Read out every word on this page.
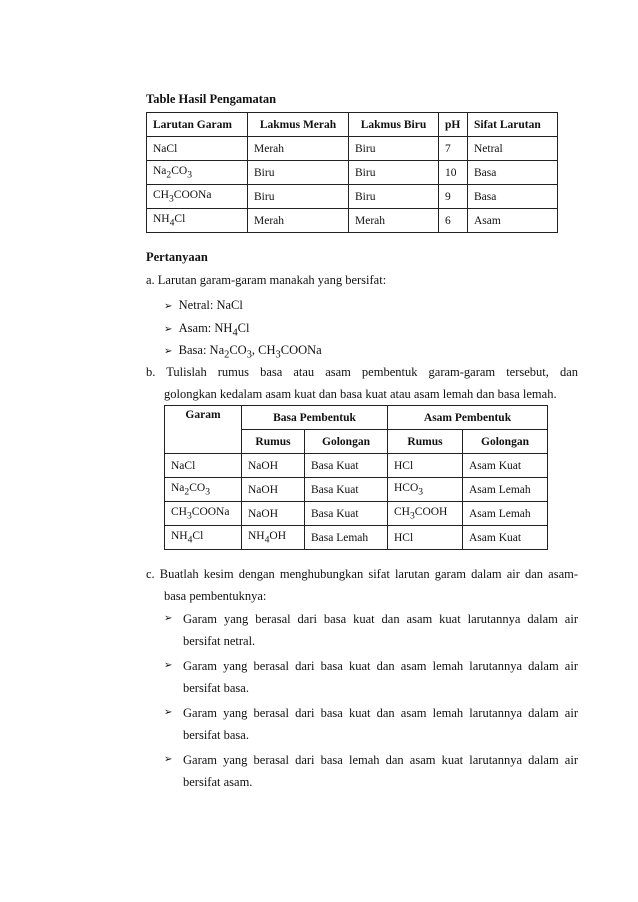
Table Hasil Pengamatan
Larutan Garam	Lakmus Merah	Lakmus Biru	pH	Sifat Larutan
NaCl	Merah	Biru	7	Netral
$Na_2CO_3$	Biru	Biru	10	Basa
$CH_3COONa$	Biru	Biru	9	Basa
$NH_4Cl$	Merah	Merah	6	Asam
Pertanyaan
a. Larutan garam-garam manakah yang bersifat:
➢ Netral: NaCl
➢ Asam: $NH_4Cl$
➢ Basa: $Na_2CO_3$, $CH_3COONa$
b. Tulislah rumus basa atau asam pembentuk garam-garam tersebut, dan
golongkan kedalam asam kuat dan basa kuat atau asam lemah dan basa lemah.
Garam	Basa Pembentuk		Asam Pembentuk	
	Rumus	Golongan	Rumus	Golongan
NaCl	NaOH	Basa Kuat	HCl	Asam Kuat
$Na_2CO_3$	NaOH	Basa Kuat	$HCO_3$	Asam Lemah
$CH_3COONa$	NaOH	Basa Kuat	$CH_3COOH$	Asam Lemah
$NH_4Cl$	$NH_4OH$	Basa Lemah	HCl	Asam Kuat
c. Buatlah kesim dengan menghubungkan sifat larutan garam dalam air dan asam-
basa pembentuknya:
➢ Garam yang berasal dari basa kuat dan asam kuat larutannya dalam air
bersifat netral.
➢ Garam yang berasal dari basa kuat dan asam lemah larutannya dalam air
bersifat basa.
➢ Garam yang berasal dari basa kuat dan asam lemah larutannya dalam air
bersifat basa.
➢ Garam yang berasal dari basa lemah dan asam kuat larutannya dalam air
bersifat asam.
